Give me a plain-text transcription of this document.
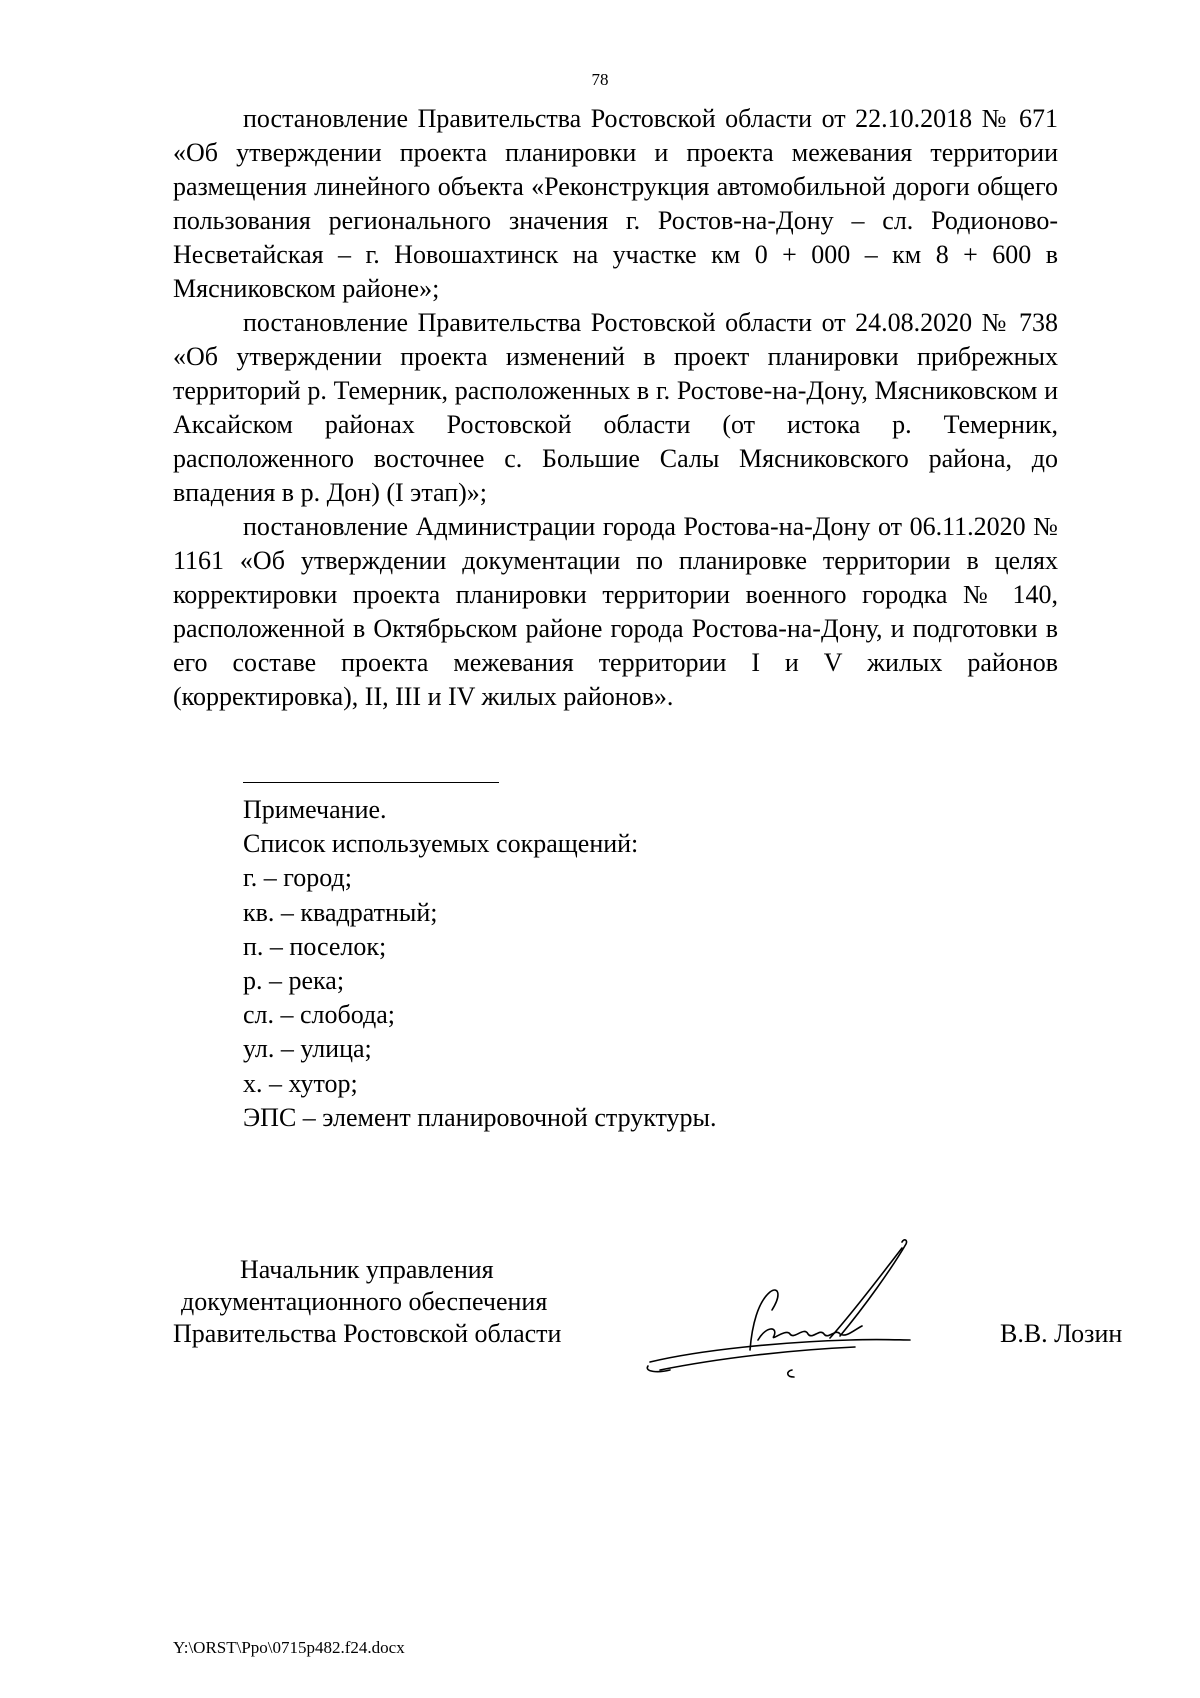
78

постановление Правительства Ростовской области от 22.10.2018 № 671 «Об утверждении проекта планировки и проекта межевания территории размещения линейного объекта «Реконструкция автомобильной дороги общего пользования регионального значения г. Ростов-на-Дону – сл. Родионово-Несветайская – г. Новошахтинск на участке км 0 + 000 – км 8 + 600 в Мясниковском районе»;

постановление Правительства Ростовской области от 24.08.2020 № 738 «Об утверждении проекта изменений в проект планировки прибрежных территорий р. Темерник, расположенных в г. Ростове-на-Дону, Мясниковском и Аксайском районах Ростовской области (от истока р. Темерник, расположенного восточнее с. Большие Салы Мясниковского района, до впадения в р. Дон) (I этап)»;

постановление Администрации города Ростова-на-Дону от 06.11.2020 № 1161 «Об утверждении документации по планировке территории в целях корректировки проекта планировки территории военного городка № 140, расположенной в Октябрьском районе города Ростова-на-Дону, и подготовки в его составе проекта межевания территории I и V жилых районов (корректировка), II, III и IV жилых районов».

Примечание.
Список используемых сокращений:
г. – город;
кв. – квадратный;
п. – поселок;
р. – река;
сл. – слобода;
ул. – улица;
х. – хутор;
ЭПС – элемент планировочной структуры.
Начальник управления
документационного обеспечения
Правительства Ростовской области	В.В. Лозин
Y:\ORST\Ppo\0715p482.f24.docx
